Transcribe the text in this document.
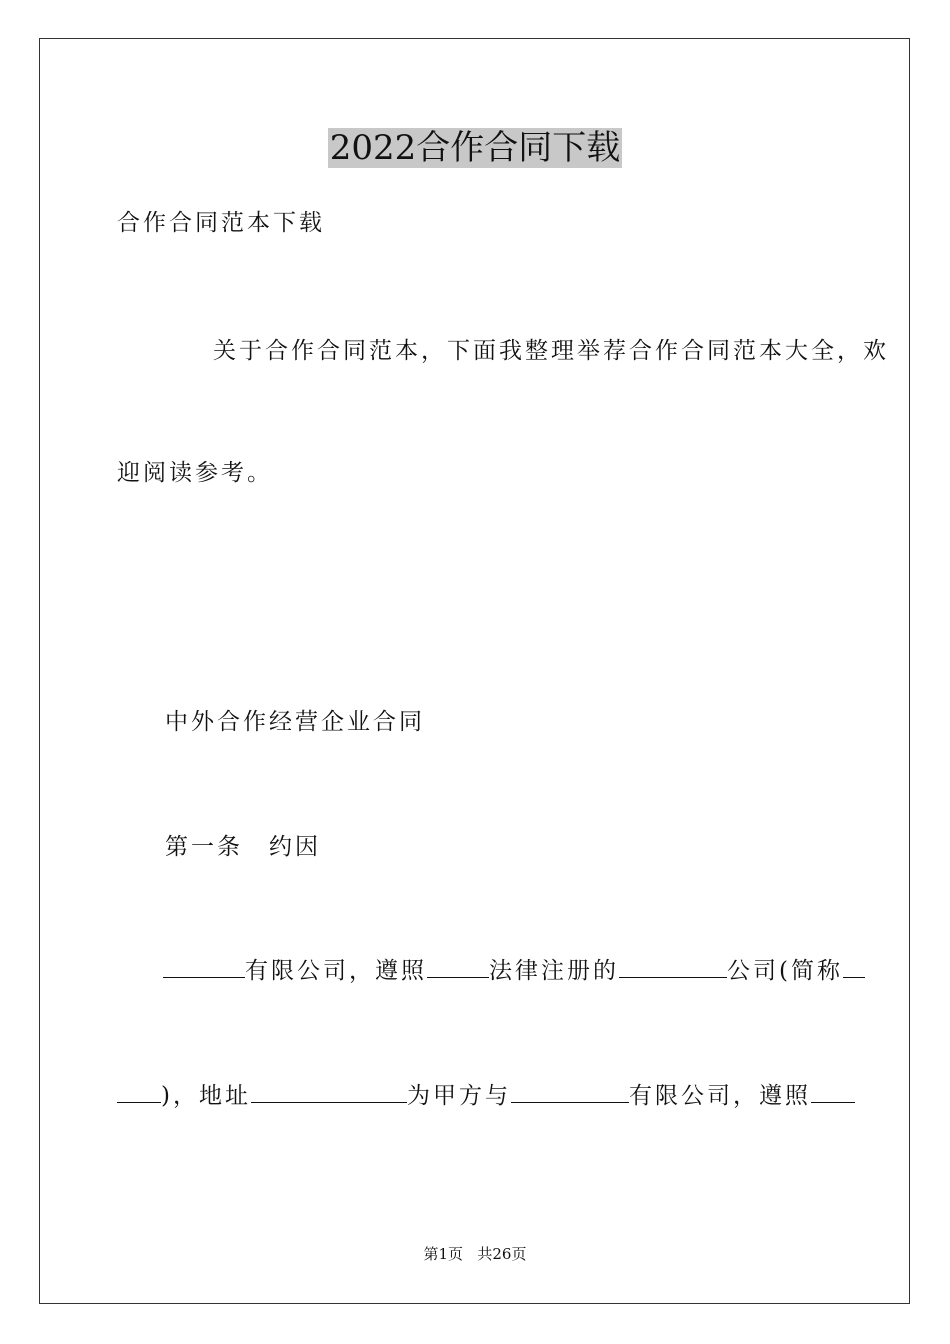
2022合作合同下载
合作合同范本下载
关于合作合同范本，下面我整理举荐合作合同范本大全，欢
迎阅读参考。
中外合作经营企业合同
第一条　约因
有限公司，遵照	法律注册的	公司(简称
)，地址	为甲方与	有限公司，遵照
第1页 共26页
